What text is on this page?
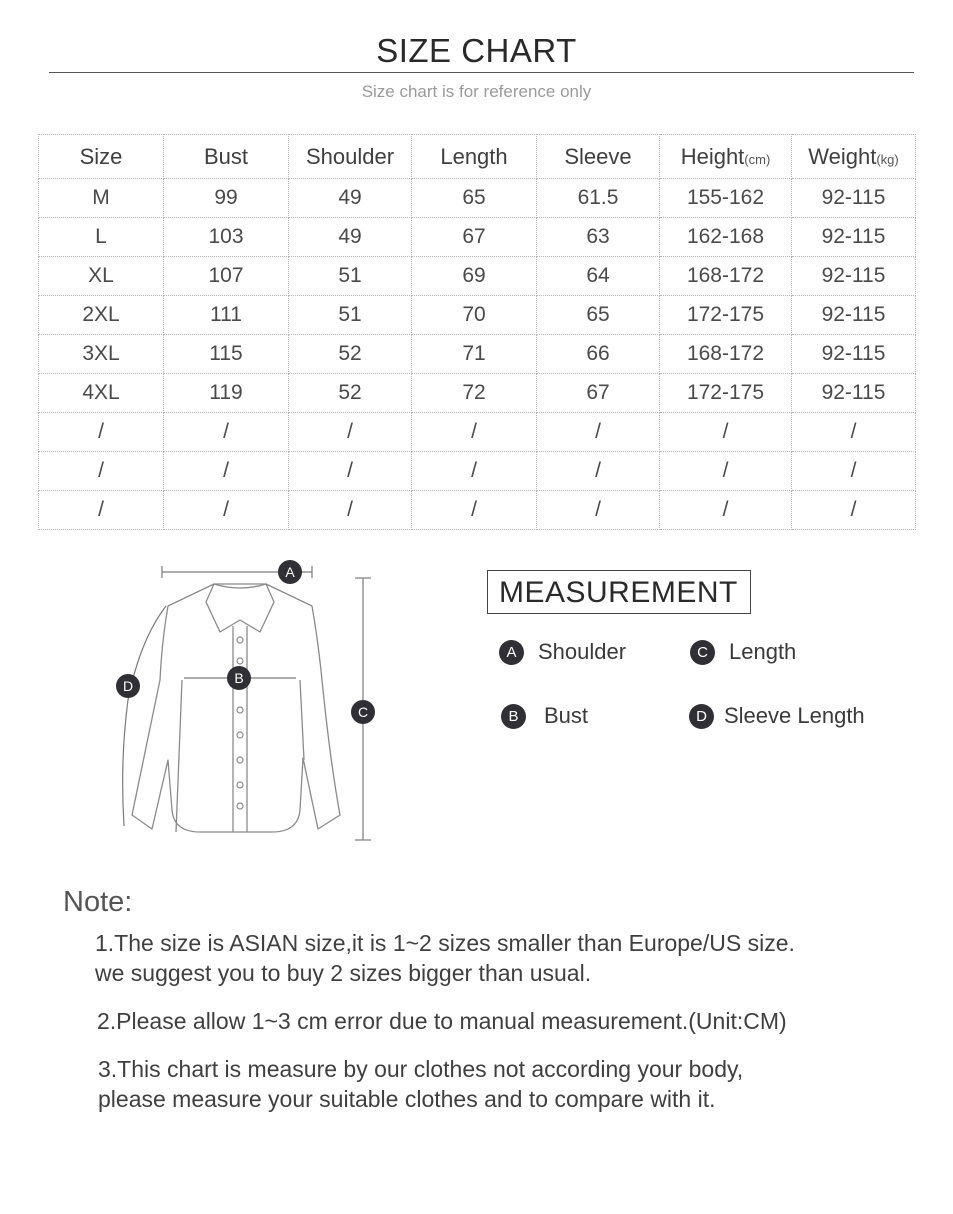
SIZE CHART
Size chart is for reference only
Size	Bust	Shoulder	Length	Sleeve	Height(cm)	Weight(kg)
M	99	49	65	61.5	155-162	92-115
L	103	49	67	63	162-168	92-115
XL	107	51	69	64	168-172	92-115
2XL	111	51	70	65	172-175	92-115
3XL	115	52	71	66	168-172	92-115
4XL	119	52	72	67	172-175	92-115
/	/	/	/	/	/	/
/	/	/	/	/	/	/
/	/	/	/	/	/	/
A
B
C
D
MEASUREMENT
A Shoulder	C Length
B	Bust	D Sleeve Length
Note:
1.The size is ASIAN size,it is 1~2 sizes smaller than Europe/US size.
we suggest you to buy 2 sizes bigger than usual.
2.Please allow 1~3 cm error due to manual measurement.(Unit:CM)
3.This chart is measure by our clothes not according your body,
please measure your suitable clothes and to compare with it.
